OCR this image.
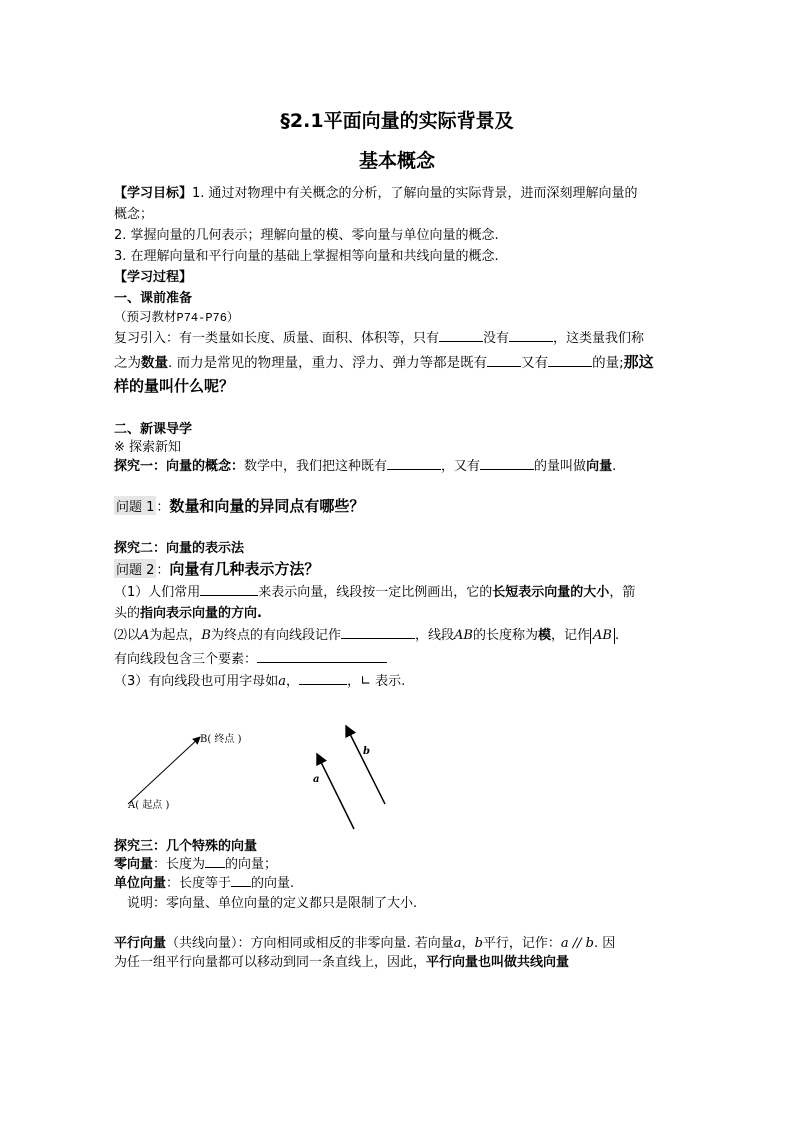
§2.1平面向量的实际背景及
基本概念
【学习目标】1. 通过对物理中有关概念的分析，了解向量的实际背景，进而深刻理解向量的
概念；
2. 掌握向量的几何表示；理解向量的模、零向量与单位向量的概念.
3. 在理解向量和平行向量的基础上掌握相等向量和共线向量的概念.
【学习过程】
一、课前准备
（预习教材P74-P76）
复习引入：有一类量如长度、质量、面积、体积等，只有	没有	，这类量我们称
之为数量. 而力是常见的物理量，重力、浮力、弹力等都是既有	又有	的量;那这
样的量叫什么呢？
二、新课导学
※ 探索新知
探究一：向量的概念：数学中，我们把这种既有	，又有	的量叫做向量.
问题 1 ：数量和向量的异同点有哪些？
探究二：向量的表示法
问题 2 ：向量有几种表示方法？
（1）人们常用	来表示向量，线段按一定比例画出，它的长短表示向量的大小，箭
头的指向表示向量的方向.
⑵以A为起点，B为终点的有向线段记作	，线段AB的长度称为模，记作 AB .
有向线段包含三个要素：
（3）有向线段也可用字母如a，	，∟ 表示.
B( 终点 )
A( 起点 )
a
b
探究三：几个特殊的向量
零向量：长度为 的向量；
单位向量：长度等于 的向量.
说明：零向量、单位向量的定义都只是限制了大小.
平行向量（共线向量）：方向相同或相反的非零向量. 若向量a，b平行，记作：a // b. 因
为任一组平行向量都可以移动到同一条直线上，因此，平行向量也叫做共线向量
